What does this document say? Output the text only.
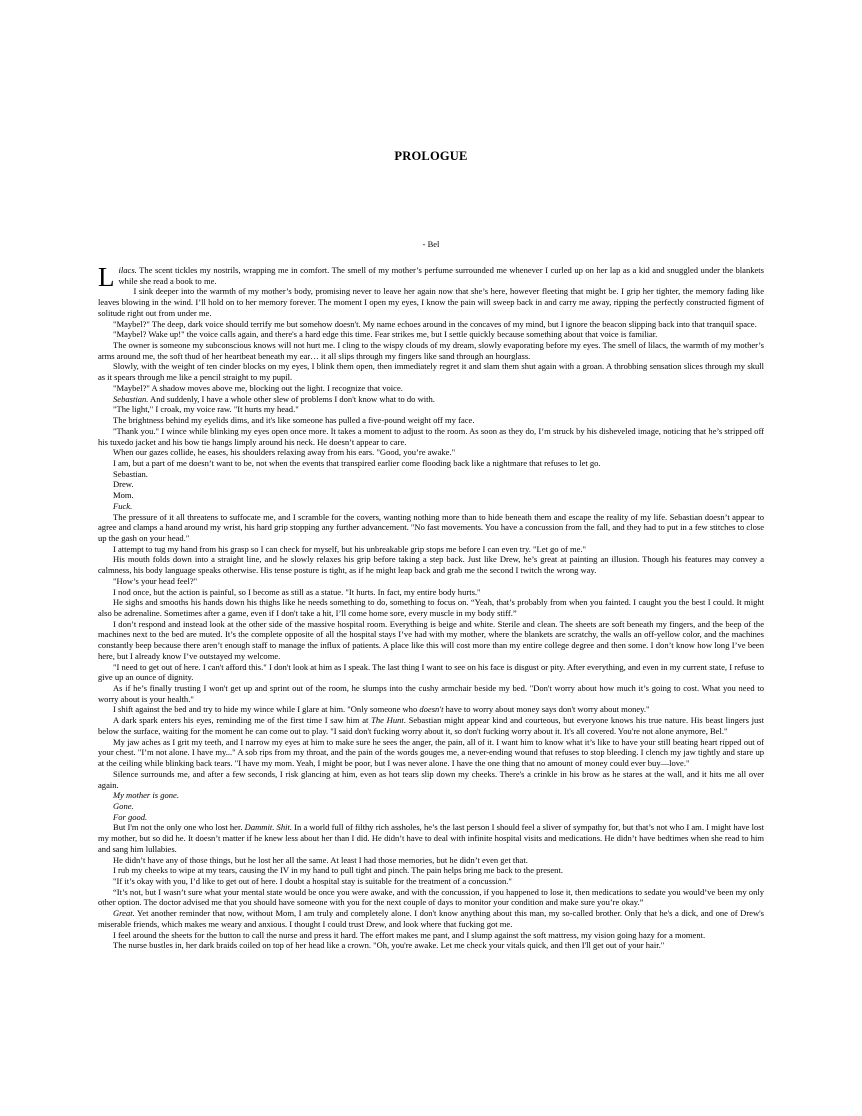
PROLOGUE
- Bel

Lilacs. The scent tickles my nostrils, wrapping me in comfort. The smell of my mother’s perfume surrounded me whenever I curled up on her lap as a kid and snuggled under the blankets while she read a book to me.

I sink deeper into the warmth of my mother’s body, promising never to leave her again now that she’s here, however fleeting that might be. I grip her tighter, the memory fading like leaves blowing in the wind. I’ll hold on to her memory forever. The moment I open my eyes, I know the pain will sweep back in and carry me away, ripping the perfectly constructed figment of solitude right out from under me.

"Maybel?" The deep, dark voice should terrify me but somehow doesn't. My name echoes around in the concaves of my mind, but I ignore the beacon slipping back into that tranquil space.

"Maybel? Wake up!" the voice calls again, and there's a hard edge this time. Fear strikes me, but I settle quickly because something about that voice is familiar.

The owner is someone my subconscious knows will not hurt me. I cling to the wispy clouds of my dream, slowly evaporating before my eyes. The smell of lilacs, the warmth of my mother’s arms around me, the soft thud of her heartbeat beneath my ear… it all slips through my fingers like sand through an hourglass.

Slowly, with the weight of ten cinder blocks on my eyes, I blink them open, then immediately regret it and slam them shut again with a groan. A throbbing sensation slices through my skull as it spears through me like a pencil straight to my pupil.

"Maybel?" A shadow moves above me, blocking out the light. I recognize that voice.

Sebastian. And suddenly, I have a whole other slew of problems I don't know what to do with.

"The light," I croak, my voice raw. "It hurts my head."

The brightness behind my eyelids dims, and it's like someone has pulled a five-pound weight off my face.

"Thank you." I wince while blinking my eyes open once more. It takes a moment to adjust to the room. As soon as they do, I’m struck by his disheveled image, noticing that he’s stripped off his tuxedo jacket and his bow tie hangs limply around his neck. He doesn’t appear to care.

When our gazes collide, he eases, his shoulders relaxing away from his ears. "Good, you’re awake."

I am, but a part of me doesn’t want to be, not when the events that transpired earlier come flooding back like a nightmare that refuses to let go.

Sebastian.

Drew.

Mom.

Fuck.

The pressure of it all threatens to suffocate me, and I scramble for the covers, wanting nothing more than to hide beneath them and escape the reality of my life. Sebastian doesn’t appear to agree and clamps a hand around my wrist, his hard grip stopping any further advancement. "No fast movements. You have a concussion from the fall, and they had to put in a few stitches to close up the gash on your head."

I attempt to tug my hand from his grasp so I can check for myself, but his unbreakable grip stops me before I can even try. "Let go of me."

His mouth folds down into a straight line, and he slowly relaxes his grip before taking a step back. Just like Drew, he’s great at painting an illusion. Though his features may convey a calmness, his body language speaks otherwise. His tense posture is tight, as if he might leap back and grab me the second I twitch the wrong way.

"How’s your head feel?"

I nod once, but the action is painful, so I become as still as a statue. "It hurts. In fact, my entire body hurts."

He sighs and smooths his hands down his thighs like he needs something to do, something to focus on. “Yeah, that’s probably from when you fainted. I caught you the best I could. It might also be adrenaline. Sometimes after a game, even if I don't take a hit, I’ll come home sore, every muscle in my body stiff.”

I don’t respond and instead look at the other side of the massive hospital room. Everything is beige and white. Sterile and clean. The sheets are soft beneath my fingers, and the beep of the machines next to the bed are muted. It’s the complete opposite of all the hospital stays I’ve had with my mother, where the blankets are scratchy, the walls an off-yellow color, and the machines constantly beep because there aren’t enough staff to manage the influx of patients. A place like this will cost more than my entire college degree and then some. I don’t know how long I’ve been here, but I already know I’ve outstayed my welcome.

"I need to get out of here. I can't afford this." I don't look at him as I speak. The last thing I want to see on his face is disgust or pity. After everything, and even in my current state, I refuse to give up an ounce of dignity.

As if he’s finally trusting I won't get up and sprint out of the room, he slumps into the cushy armchair beside my bed. "Don't worry about how much it’s going to cost. What you need to worry about is your health."

I shift against the bed and try to hide my wince while I glare at him. "Only someone who doesn't have to worry about money says don't worry about money."

A dark spark enters his eyes, reminding me of the first time I saw him at The Hunt. Sebastian might appear kind and courteous, but everyone knows his true nature. His beast lingers just below the surface, waiting for the moment he can come out to play. "I said don't fucking worry about it, so don't fucking worry about it. It's all covered. You're not alone anymore, Bel."

My jaw aches as I grit my teeth, and I narrow my eyes at him to make sure he sees the anger, the pain, all of it. I want him to know what it’s like to have your still beating heart ripped out of your chest. "I’m not alone. I have my..." A sob rips from my throat, and the pain of the words gouges me, a never-ending wound that refuses to stop bleeding. I clench my jaw tightly and stare up at the ceiling while blinking back tears. "I have my mom. Yeah, I might be poor, but I was never alone. I have the one thing that no amount of money could ever buy—love."

Silence surrounds me, and after a few seconds, I risk glancing at him, even as hot tears slip down my cheeks. There's a crinkle in his brow as he stares at the wall, and it hits me all over again.

My mother is gone.

Gone.

For good.

But I'm not the only one who lost her. Dammit. Shit. In a world full of filthy rich assholes, he’s the last person I should feel a sliver of sympathy for, but that’s not who I am. I might have lost my mother, but so did he. It doesn’t matter if he knew less about her than I did. He didn’t have to deal with infinite hospital visits and medications. He didn’t have bedtimes when she read to him and sang him lullabies.

He didn’t have any of those things, but he lost her all the same. At least I had those memories, but he didn’t even get that.

I rub my cheeks to wipe at my tears, causing the IV in my hand to pull tight and pinch. The pain helps bring me back to the present.

"If it’s okay with you, I’d like to get out of here. I doubt a hospital stay is suitable for the treatment of a concussion."

“It’s not, but I wasn’t sure what your mental state would be once you were awake, and with the concussion, if you happened to lose it, then medications to sedate you would’ve been my only other option. The doctor advised me that you should have someone with you for the next couple of days to monitor your condition and make sure you’re okay.”

Great. Yet another reminder that now, without Mom, I am truly and completely alone. I don't know anything about this man, my so-called brother. Only that he's a dick, and one of Drew's miserable friends, which makes me weary and anxious. I thought I could trust Drew, and look where that fucking got me.

I feel around the sheets for the button to call the nurse and press it hard. The effort makes me pant, and I slump against the soft mattress, my vision going hazy for a moment.

The nurse bustles in, her dark braids coiled on top of her head like a crown. "Oh, you're awake. Let me check your vitals quick, and then I'll get out of your hair."
